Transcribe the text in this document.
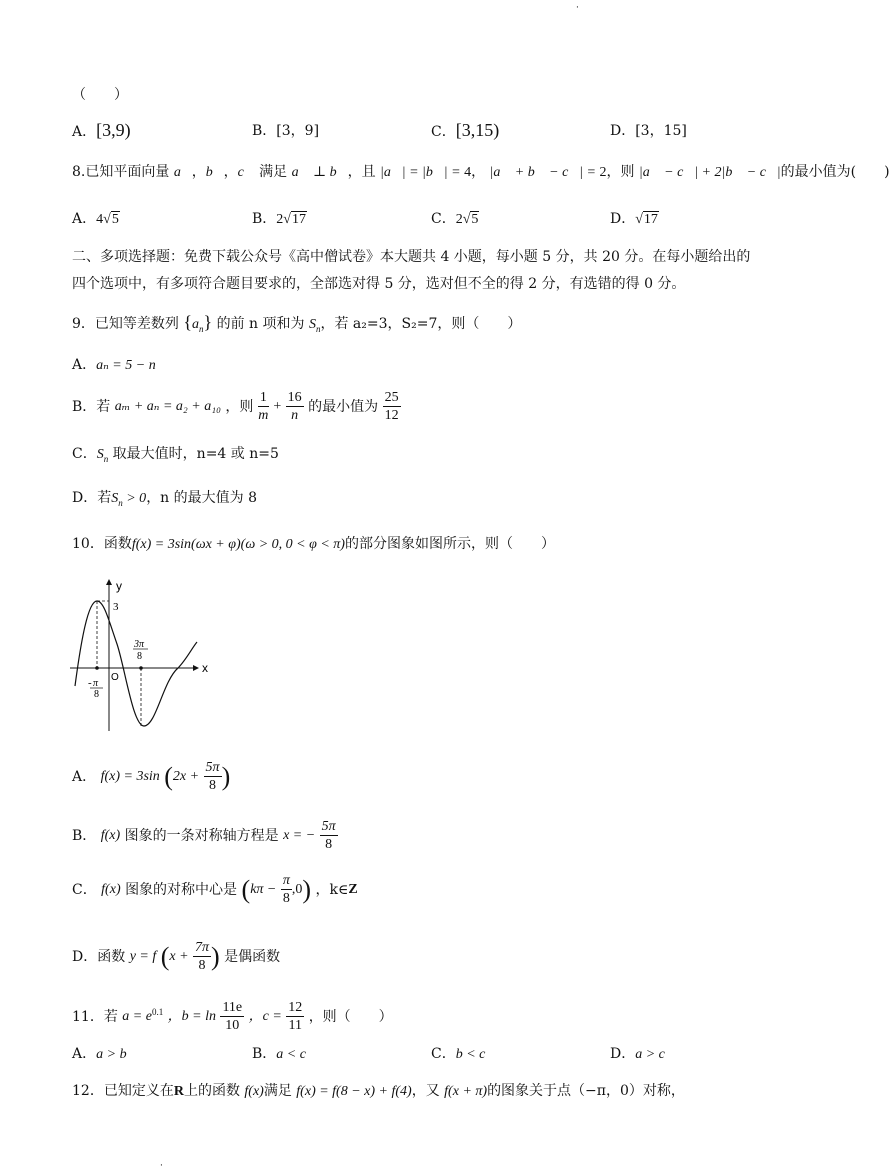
·
（　　）
A．[3,9)	B．[3，9]	C．[3,15)	D．[3，15]
8.已知平面向量 a⃗，b⃗，c⃗ 满足 a⃗ ⊥ b⃗，且 |a⃗| = |b⃗| = 4， |a⃗ + b⃗ − c⃗| = 2，则 |a⃗ − c⃗| + 2|b⃗ − c⃗|的最小值为(　　)
A．4√5	B．2√17	C．2√5	D．√17
二、多项选择题：免费下载公众号《高中僧试卷》本大题共 4 小题，每小题 5 分，共 20 分。在每小题给出的
四个选项中，有多项符合题目要求的，全部选对得 5 分，选对但不全的得 2 分，有选错的得 0 分。
9．已知等差数列 $\{a_n\}$ 的前 n 项和为 $S_n$，若 a₂=3，S₂=7，则（　　）
A．aₙ = 5 − n
B．若 aₘ + aₙ = a₂ + a₁₀ ，则 $\frac{1}{m} + \frac{16}{n}$ 的最小值为 $\frac{25}{12}$
C．$S_n$ 取最大值时，n=4 或 n=5
D．若$S_n > 0$，n 的最大值为 8
10．函数f(x) = 3sin(ωx + φ)(ω > 0, 0 < φ < π)的部分图象如图所示，则（　　）
y
x
3
O
- π
8
3π
8
A． f(x) = 3sin ($2x + \frac{5\pi}{8}$ )
B． f(x) 图象的一条对称轴方程是 x = − $\frac{5\pi}{8}$
C． f(x) 图象的对称中心是 $(k\pi - \frac{\pi}{8} ,0)$ ，k∈Z
D．函数 y = f ($x + \frac{7\pi}{8}$ ) 是偶函数
11．若 $a = e^{0.1}$ ，$b = \ln \frac{11e}{10}$ ，$c = \frac{12}{11}$ ，则（　　）
A．a > b	B．a < c	C．b < c	D．a > c
12．已知定义在R上的函数 f(x)满足 f(x) = f(8 − x) + f(4)，又 f(x + π)的图象关于点（−π，0）对称，
·
